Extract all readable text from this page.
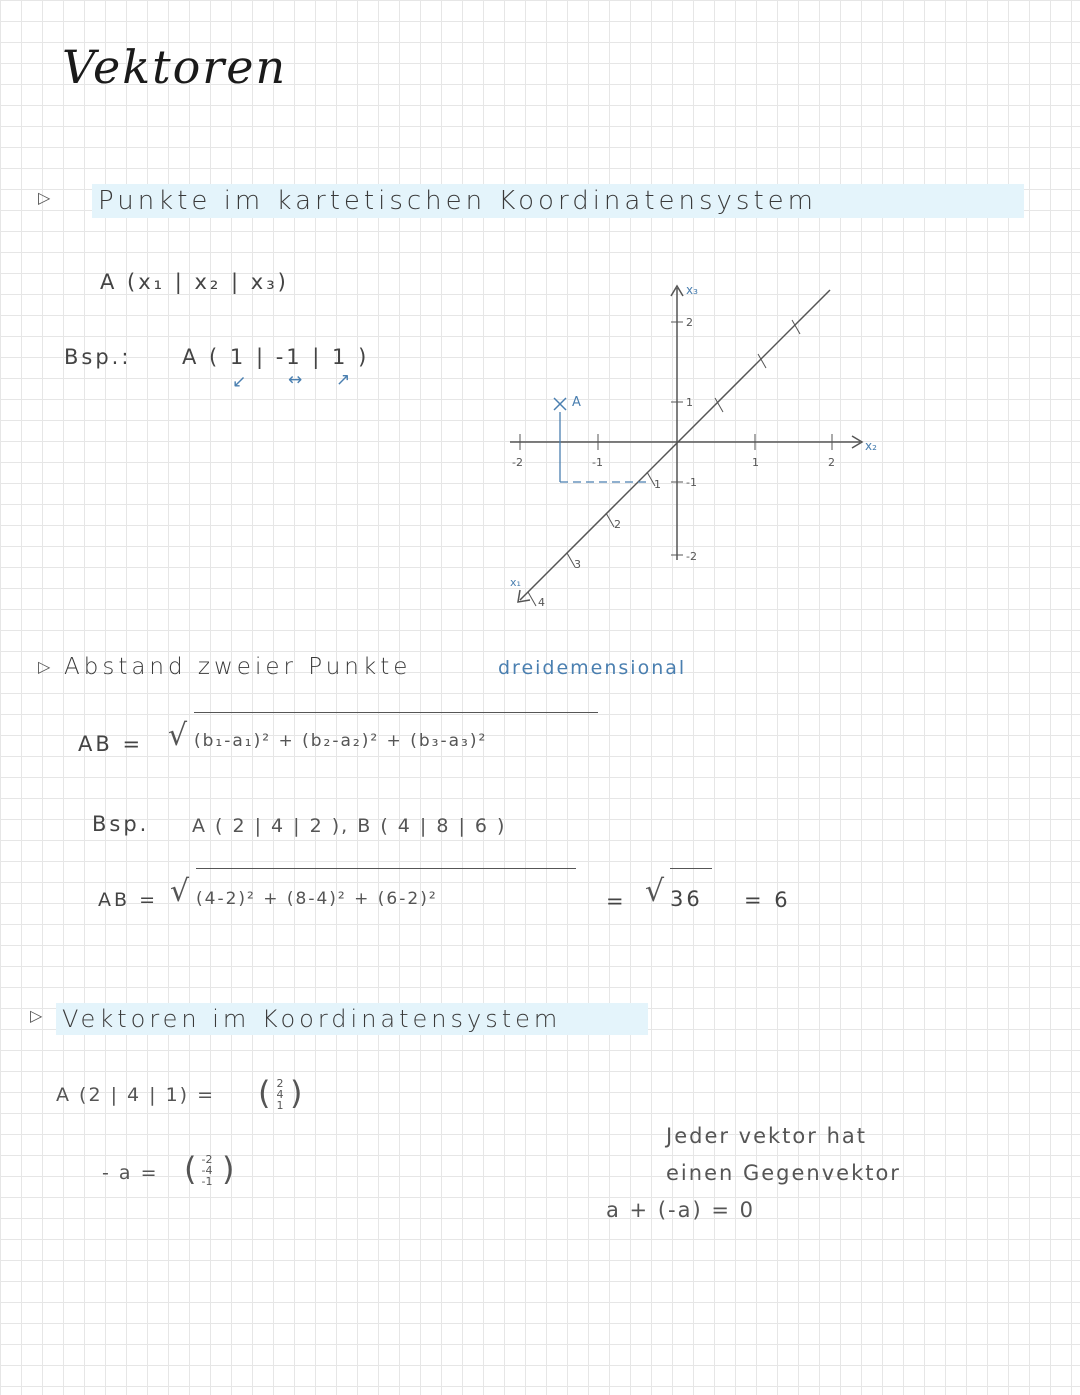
Vektoren
▷ Punkte im kartetischen Koordinatensystem
A (x₁ | x₂ | x₃)
Bsp.: A ( 1 | -1 | 1 )
↙ ↔ ↗
A
x₂
x₃
x₁
-2	-1	1	2
2
1
-1
-2
1
2
3
4
▷ Abstand zweier Punkte	dreidemensional
AB = √ (b₁-a₁)² + (b₂-a₂)² + (b₃-a₃)²
Bsp. A ( 2 | 4 | 2 ), B ( 4 | 8 | 6 )
AB = √ (4-2)² + (8-4)² + (6-2)²	= √ 36	= 6
▷ Vektoren im Koordinatensystem
A (2 | 4 | 1) = ( 2
4
1 )
- a = ( -2
-4
-1 )
Jeder vektor hat
einen Gegenvektor
a + (-a) = 0
